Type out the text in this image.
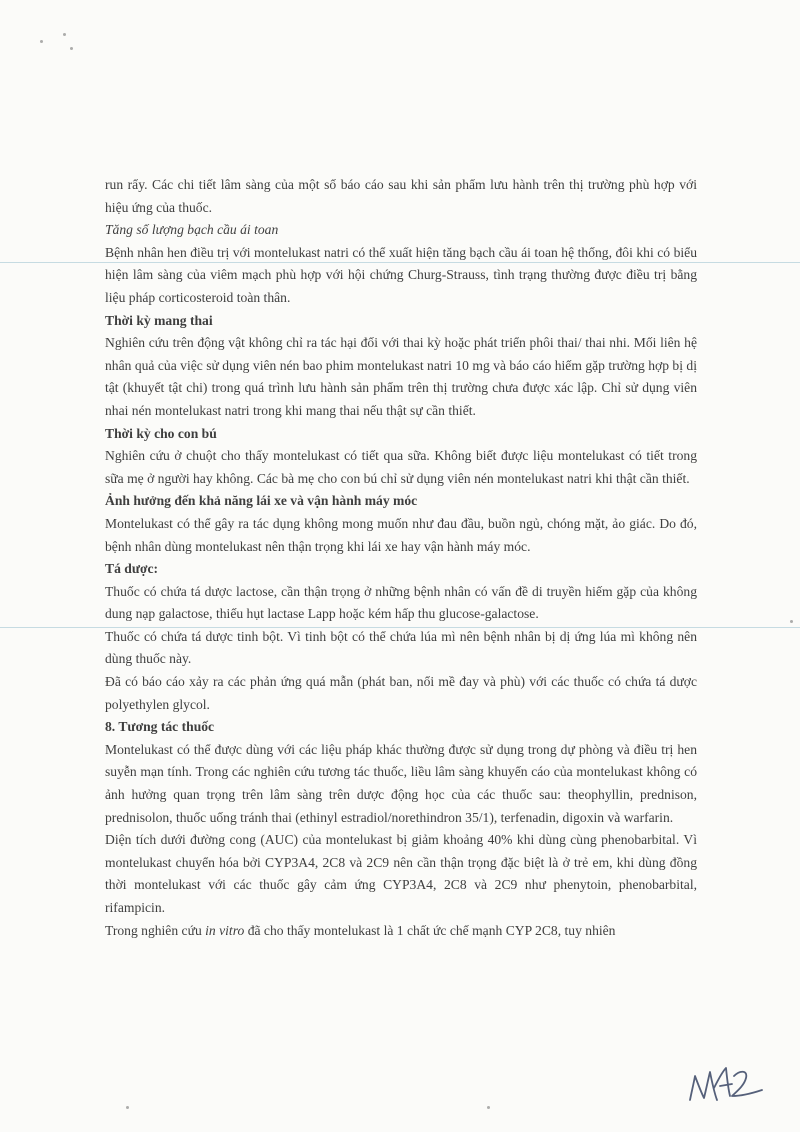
run rẩy. Các chi tiết lâm sàng của một số báo cáo sau khi sản phẩm lưu hành trên thị trường phù hợp với hiệu ứng của thuốc.

Tăng số lượng bạch cầu ái toan

Bệnh nhân hen điều trị với montelukast natri có thể xuất hiện tăng bạch cầu ái toan hệ thống, đôi khi có biểu hiện lâm sàng của viêm mạch phù hợp với hội chứng Churg-Strauss, tình trạng thường được điều trị bằng liệu pháp corticosteroid toàn thân.

Thời kỳ mang thai

Nghiên cứu trên động vật không chỉ ra tác hại đối với thai kỳ hoặc phát triển phôi thai/ thai nhi. Mối liên hệ nhân quả của việc sử dụng viên nén bao phim montelukast natri 10 mg và báo cáo hiếm gặp trường hợp bị dị tật (khuyết tật chi) trong quá trình lưu hành sản phẩm trên thị trường chưa được xác lập. Chỉ sử dụng viên nhai nén montelukast natri trong khi mang thai nếu thật sự cần thiết.

Thời kỳ cho con bú

Nghiên cứu ở chuột cho thấy montelukast có tiết qua sữa. Không biết được liệu montelukast có tiết trong sữa mẹ ở người hay không. Các bà mẹ cho con bú chỉ sử dụng viên nén montelukast natri khi thật cần thiết.

Ảnh hưởng đến khả năng lái xe và vận hành máy móc

Montelukast có thể gây ra tác dụng không mong muốn như đau đầu, buồn ngủ, chóng mặt, ảo giác. Do đó, bệnh nhân dùng montelukast nên thận trọng khi lái xe hay vận hành máy móc.

Tá dược:

Thuốc có chứa tá dược lactose, cần thận trọng ở những bệnh nhân có vấn đề di truyền hiếm gặp của không dung nạp galactose, thiếu hụt lactase Lapp hoặc kém hấp thu glucose-galactose.

Thuốc có chứa tá dược tinh bột. Vì tinh bột có thể chứa lúa mì nên bệnh nhân bị dị ứng lúa mì không nên dùng thuốc này.

Đã có báo cáo xảy ra các phản ứng quá mẫn (phát ban, nổi mề đay và phù) với các thuốc có chứa tá dược polyethylen glycol.

8. Tương tác thuốc

Montelukast có thể được dùng với các liệu pháp khác thường được sử dụng trong dự phòng và điều trị hen suyễn mạn tính. Trong các nghiên cứu tương tác thuốc, liều lâm sàng khuyến cáo của montelukast không có ảnh hưởng quan trọng trên lâm sàng trên dược động học của các thuốc sau: theophyllin, prednison, prednisolon, thuốc uống tránh thai (ethinyl estradiol/norethindron 35/1), terfenadin, digoxin và warfarin.

Diện tích dưới đường cong (AUC) của montelukast bị giảm khoảng 40% khi dùng cùng phenobarbital. Vì montelukast chuyển hóa bởi CYP3A4, 2C8 và 2C9 nên cần thận trọng đặc biệt là ở trẻ em, khi dùng đồng thời montelukast với các thuốc gây cảm ứng CYP3A4, 2C8 và 2C9 như phenytoin, phenobarbital, rifampicin.

Trong nghiên cứu in vitro đã cho thấy montelukast là 1 chất ức chế mạnh CYP 2C8, tuy nhiên
